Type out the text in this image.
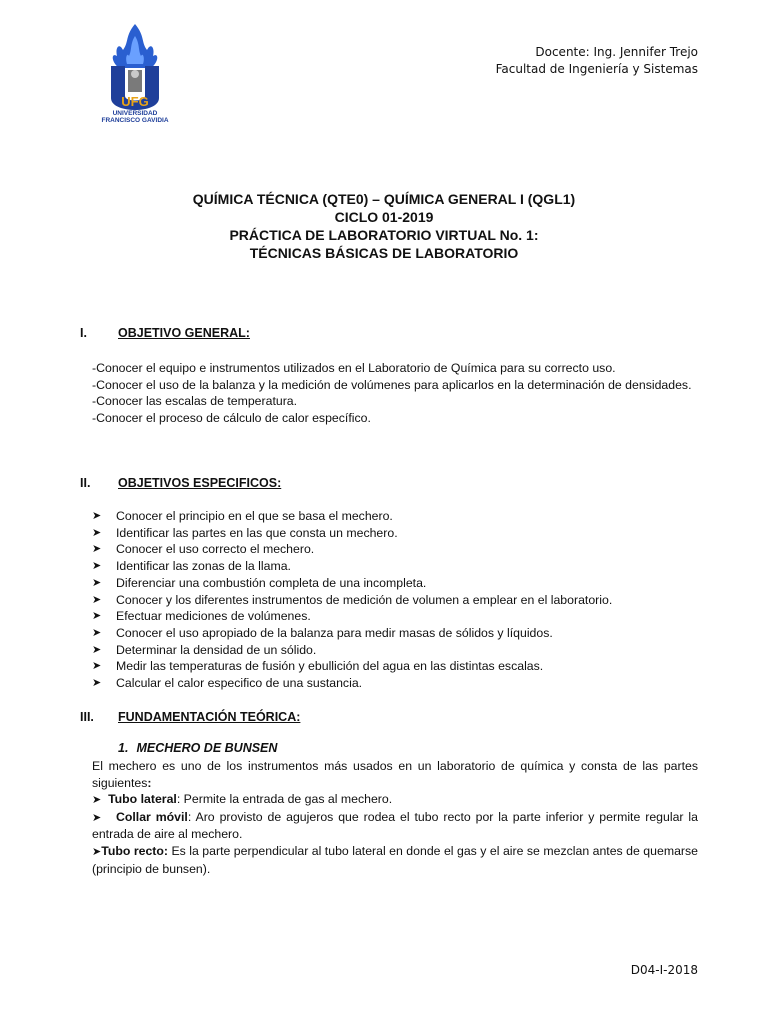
UFG
UNIVERSIDAD
FRANCISCO GAVIDIA
Docente: Ing. Jennifer Trejo
Facultad de Ingeniería y Sistemas
QUÍMICA TÉCNICA (QTE0) – QUÍMICA GENERAL I (QGL1)
CICLO 01-2019
PRÁCTICA DE LABORATORIO VIRTUAL No. 1:
TÉCNICAS BÁSICAS DE LABORATORIO
I. OBJETIVO GENERAL:

-Conocer el equipo e instrumentos utilizados en el Laboratorio de Química para su correcto uso.

-Conocer el uso de la balanza y la medición de volúmenes para aplicarlos en la determinación de densidades.

-Conocer las escalas de temperatura.

-Conocer el proceso de cálculo de calor específico.

II. OBJETIVOS ESPECIFICOS:
➤ Conocer el principio en el que se basa el mechero.
➤ Identificar las partes en las que consta un mechero.
➤ Conocer el uso correcto el mechero.
➤ Identificar las zonas de la llama.
➤ Diferenciar una combustión completa de una incompleta.
➤ Conocer y los diferentes instrumentos de medición de volumen a emplear en el laboratorio.
➤ Efectuar mediciones de volúmenes.
➤ Conocer el uso apropiado de la balanza para medir masas de sólidos y líquidos.
➤ Determinar la densidad de un sólido.
➤ Medir las temperaturas de fusión y ebullición del agua en las distintas escalas.
➤ Calcular el calor especifico de una sustancia.
III. FUNDAMENTACIÓN TEÓRICA:
1. MECHERO DE BUNSEN

El mechero es uno de los instrumentos más usados en un laboratorio de química y consta de las partes siguientes:

➤ Tubo lateral: Permite la entrada de gas al mechero.

➤ Collar móvil: Aro provisto de agujeros que rodea el tubo recto por la parte inferior y permite regular la entrada de aire al mechero.

➤Tubo recto: Es la parte perpendicular al tubo lateral en donde el gas y el aire se mezclan antes de quemarse (principio de bunsen).

D04-I-2018
